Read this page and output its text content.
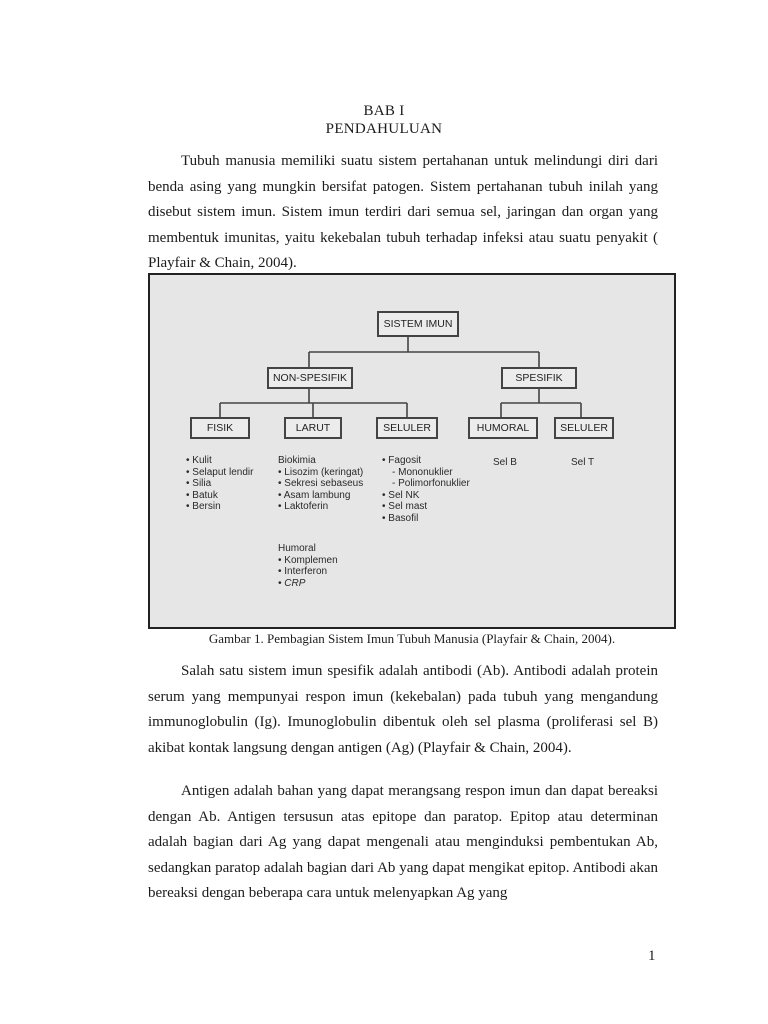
BAB I
PENDAHULUAN

Tubuh manusia memiliki suatu sistem pertahanan untuk melindungi diri dari benda asing yang mungkin bersifat patogen. Sistem pertahanan tubuh inilah yang disebut sistem imun. Sistem imun terdiri dari semua sel, jaringan dan organ yang membentuk imunitas, yaitu kekebalan tubuh terhadap infeksi atau suatu penyakit ( Playfair & Chain, 2004).

SISTEM IMUN
NON-SPESIFIK	SPESIFIK
FISIK	LARUT	SELULER	HUMORAL	SELULER
• Kulit
• Selaput lendir
• Silia
• Batuk
• Bersin
Biokimia
• Lisozim (keringat)
• Sekresi sebaseus
• Asam lambung
• Laktoferin
Humoral
• Komplemen
• Interferon
• CRP
• Fagosit
- Mononuklier
- Polimorfonuklier
• Sel NK
• Sel mast
• Basofil
Sel B	Sel T
Gambar 1. Pembagian Sistem Imun Tubuh Manusia (Playfair & Chain, 2004).

Salah satu sistem imun spesifik adalah antibodi (Ab). Antibodi adalah protein serum yang mempunyai respon imun (kekebalan) pada tubuh yang mengandung immunoglobulin (Ig). Imunoglobulin dibentuk oleh sel plasma (proliferasi sel B) akibat kontak langsung dengan antigen (Ag) (Playfair & Chain, 2004).

Antigen adalah bahan yang dapat merangsang respon imun dan dapat bereaksi dengan Ab. Antigen tersusun atas epitope dan paratop. Epitop atau determinan adalah bagian dari Ag yang dapat mengenali atau menginduksi pembentukan Ab, sedangkan paratop adalah bagian dari Ab yang dapat mengikat epitop. Antibodi akan bereaksi dengan beberapa cara untuk melenyapkan Ag yang

1
